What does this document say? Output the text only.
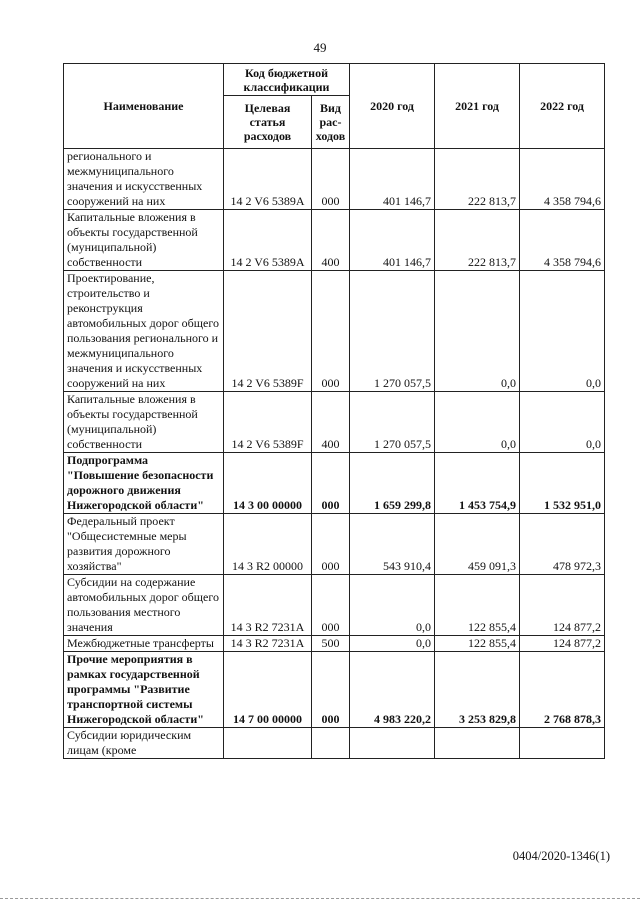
49
Наименование	Код бюджетной классификации		2020 год	2021 год	2022 год
	Целевая статья расходов	Вид рас-ходов			
регионального и межмуниципального значения и искусственных сооружений на них	14 2 V6 5389A	000	401 146,7	222 813,7	4 358 794,6
Капитальные вложения в объекты государственной (муниципальной) собственности	14 2 V6 5389A	400	401 146,7	222 813,7	4 358 794,6
Проектирование, строительство и реконструкция автомобильных дорог общего пользования регионального и межмуниципального значения и искусственных сооружений на них	14 2 V6 5389F	000	1 270 057,5	0,0	0,0
Капитальные вложения в объекты государственной (муниципальной) собственности	14 2 V6 5389F	400	1 270 057,5	0,0	0,0
Подпрограмма "Повышение безопасности дорожного движения Нижегородской области"	14 3 00 00000	000	1 659 299,8	1 453 754,9	1 532 951,0
Федеральный проект "Общесистемные меры развития дорожного хозяйства"	14 3 R2 00000	000	543 910,4	459 091,3	478 972,3
Субсидии на содержание автомобильных дорог общего пользования местного значения	14 3 R2 7231A	000	0,0	122 855,4	124 877,2
Межбюджетные трансферты	14 3 R2 7231A	500	0,0	122 855,4	124 877,2
Прочие мероприятия в рамках государственной программы "Развитие транспортной системы Нижегородской области"	14 7 00 00000	000	4 983 220,2	3 253 829,8	2 768 878,3
Субсидии юридическим лицам (кроме					
0404/2020-1346(1)
